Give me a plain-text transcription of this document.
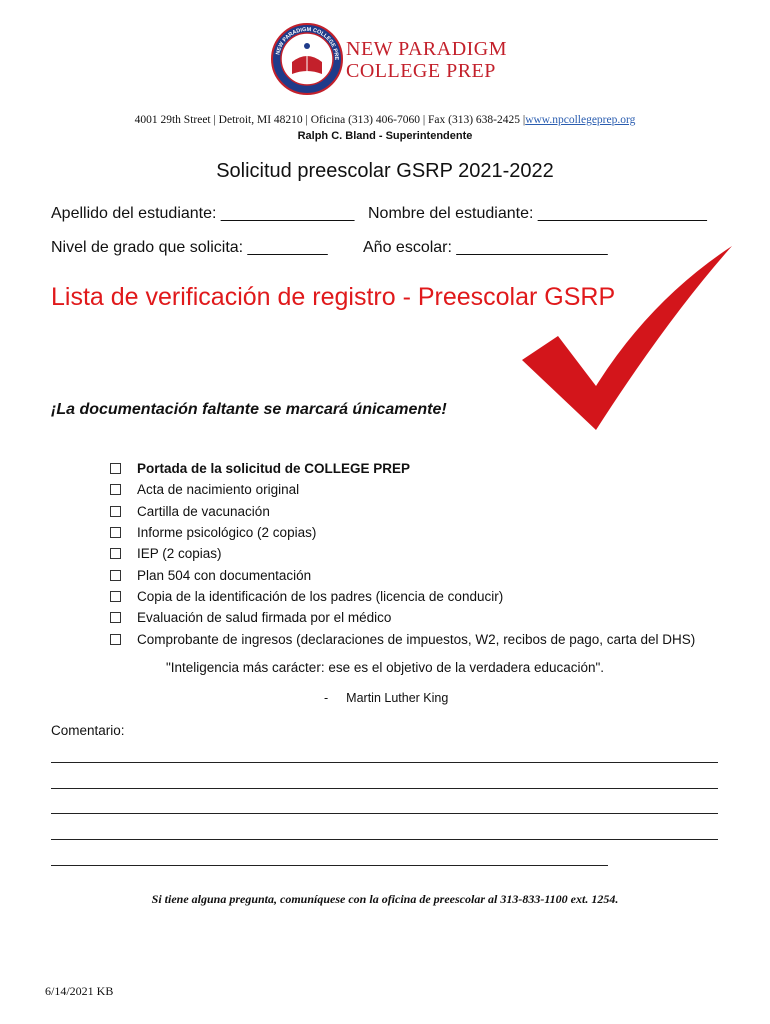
NEW PARADIGM COLLEGE PRE NEW PARADIGM
COLLEGE PREP
4001 29th Street | Detroit, MI 48210 | Oficina (313) 406-7060 | Fax (313) 638-2425 |www.npcollegeprep.org
Ralph C. Bland - Superintendente
Solicitud preescolar GSRP 2021-2022
Apellido del estudiante: _______________ Nombre del estudiante: ___________________
Nivel de grado que solicita: _________ Año escolar: _________________
Lista de verificación de registro - Preescolar GSRP
¡La documentación faltante se marcará únicamente!
Portada de la solicitud de COLLEGE PREP
Acta de nacimiento original
Cartilla de vacunación
Informe psicológico (2 copias)
IEP (2 copias)
Plan 504 con documentación
Copia de la identificación de los padres (licencia de conducir)
Evaluación de salud firmada por el médico
Comprobante de ingresos (declaraciones de impuestos, W2, recibos de pago, carta del DHS)
"Inteligencia más carácter: ese es el objetivo de la verdadera educación".
- Martin Luther King
Comentario:
Si tiene alguna pregunta, comuníquese con la oficina de preescolar al 313-833-1100 ext. 1254.
6/14/2021 KB
